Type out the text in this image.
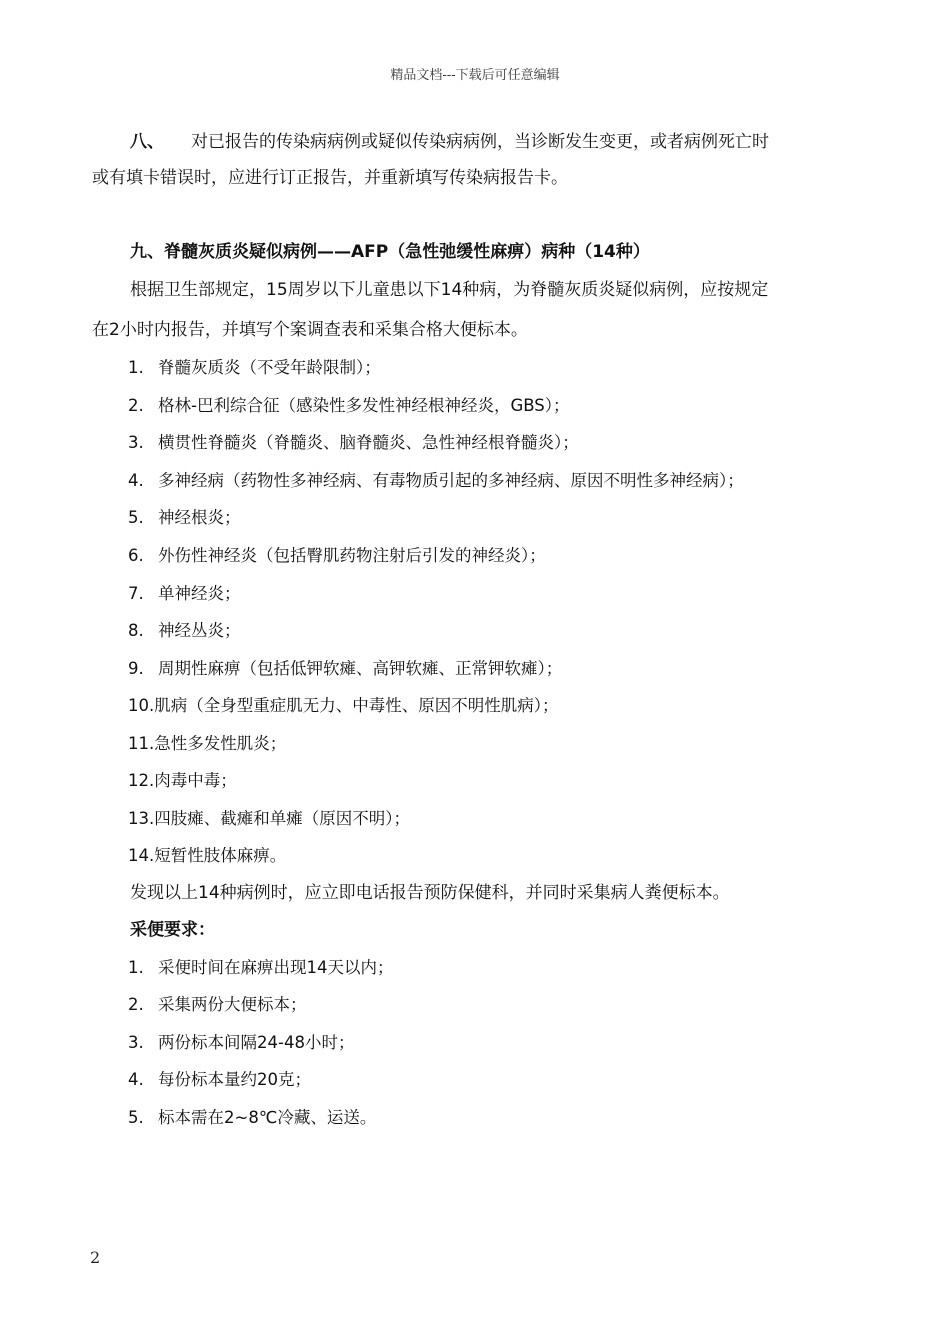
精品文档---下载后可任意编辑
八、 对已报告的传染病病例或疑似传染病病例，当诊断发生变更，或者病例死亡时
或有填卡错误时，应进行订正报告，并重新填写传染病报告卡。
九、脊髓灰质炎疑似病例——AFP（急性弛缓性麻痹）病种（14种）
根据卫生部规定，15周岁以下儿童患以下14种病，为脊髓灰质炎疑似病例，应按规定
在2小时内报告，并填写个案调查表和采集合格大便标本。
1. 脊髓灰质炎（不受年龄限制）；
2. 格林-巴利综合征（感染性多发性神经根神经炎，GBS）；
3. 横贯性脊髓炎（脊髓炎、脑脊髓炎、急性神经根脊髓炎）；
4. 多神经病（药物性多神经病、有毒物质引起的多神经病、原因不明性多神经病）；
5. 神经根炎；
6. 外伤性神经炎（包括臀肌药物注射后引发的神经炎）；
7. 单神经炎；
8. 神经丛炎；
9. 周期性麻痹（包括低钾软瘫、高钾软瘫、正常钾软瘫）；
10.肌病（全身型重症肌无力、中毒性、原因不明性肌病）；
11.急性多发性肌炎；
12.肉毒中毒；
13.四肢瘫、截瘫和单瘫（原因不明）；
14.短暂性肢体麻痹。
发现以上14种病例时，应立即电话报告预防保健科，并同时采集病人粪便标本。
采便要求：
1. 采便时间在麻痹出现14天以内；
2. 采集两份大便标本；
3. 两份标本间隔24-48小时；
4. 每份标本量约20克；
5. 标本需在2~8℃冷藏、运送。
2
